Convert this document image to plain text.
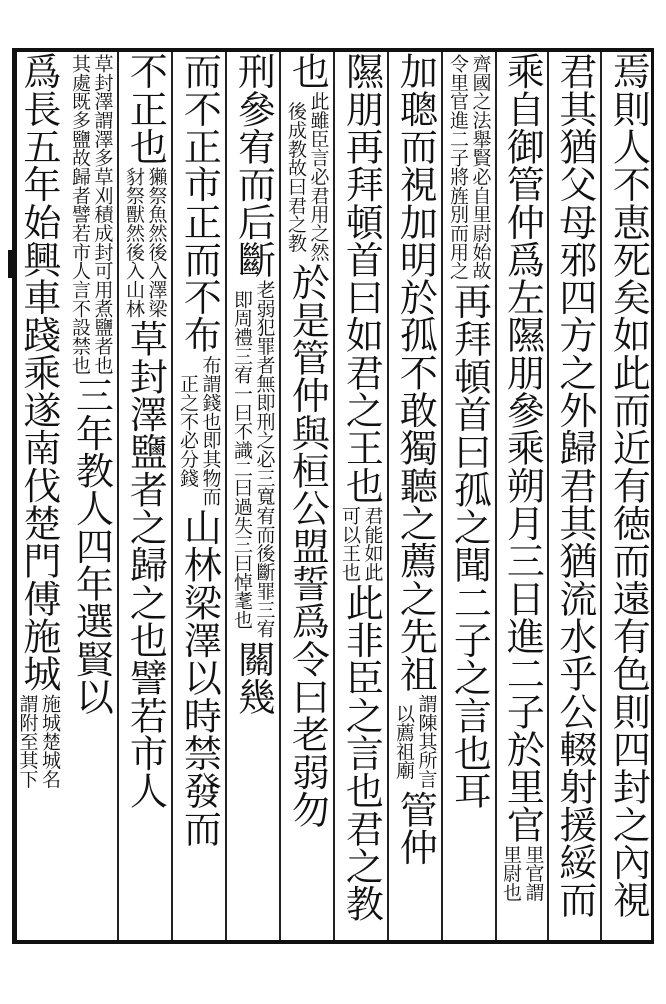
焉則人不恵死矣如此而近有徳而遠有色則四封之內視
君其猶父母邪四方之外歸君其猶流水乎公輟射援綏而
乘自御管仲爲左隰朋參乘朔月三日進二子於里官
里官謂
里尉也
齊國之法舉賢必自里尉始故
令里官進二子將旌別而用之
再拜頓首曰孤之聞二子之言也耳
加聰而視加明於孤不敢獨聽之薦之先祖
謂陳其所言
以薦祖廟
管仲
隰朋再拜頓首曰如君之王也
君能如此
可以王也
此非臣之言也君之教
也
此雖臣言必君用之然
後成教故曰君之教
於是管仲與桓公盟誓爲令曰老弱勿
刑參宥而后斷
老弱犯罪者無即刑之必三寬宥而後斷罪三宥
即周禮三宥一曰不識二曰過失三曰悼耄也
關幾
而不正市正而不布
布謂錢也即其物而
正之不必分錢
山林梁澤以時禁發而
不正也
獺祭魚然後入澤梁
豺祭獸然後入山林
草封澤鹽者之歸之也譬若市人
草封澤謂澤多草刈積成封可用煮鹽者也
其處既多鹽故歸者譬若市人言不設禁也
三年教人四年選賢以
爲長五年始興車踐乘遂南伐楚門傅施城
施城楚城名
謂附至其下
